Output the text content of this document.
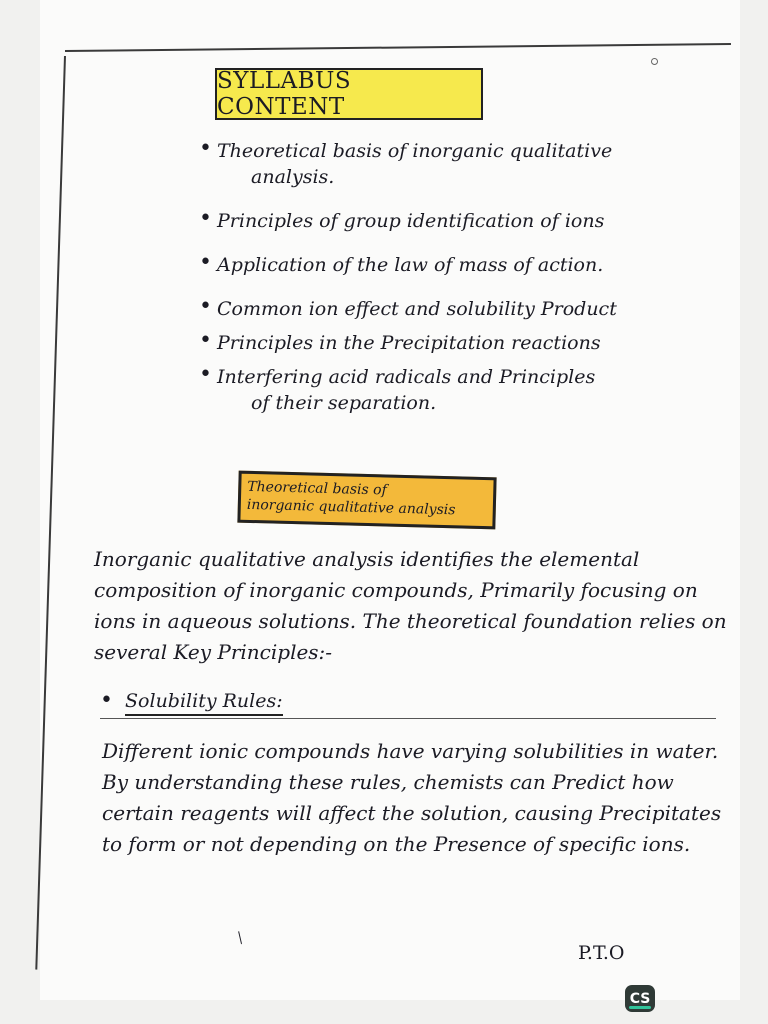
SYLLABUS CONTENT
• Theoretical basis of inorganic qualitative
analysis.
• Principles of group identification of ions
• Application of the law of mass of action.
• Common ion effect and solubility Product
• Principles in the Precipitation reactions
• Interfering acid radicals and Principles
of their separation.
Theoretical basis of
inorganic qualitative analysis
Inorganic qualitative analysis identifies the elemental composition of inorganic compounds, Primarily focusing on ions in aqueous solutions. The theoretical foundation relies on several Key Principles:-
• Solubility Rules:
Different ionic compounds have varying solubilities in water. By understanding these rules, chemists can Predict how certain reagents will affect the solution, causing Precipitates to form or not depending on the Presence of specific ions.
/
P.T.O
CS
